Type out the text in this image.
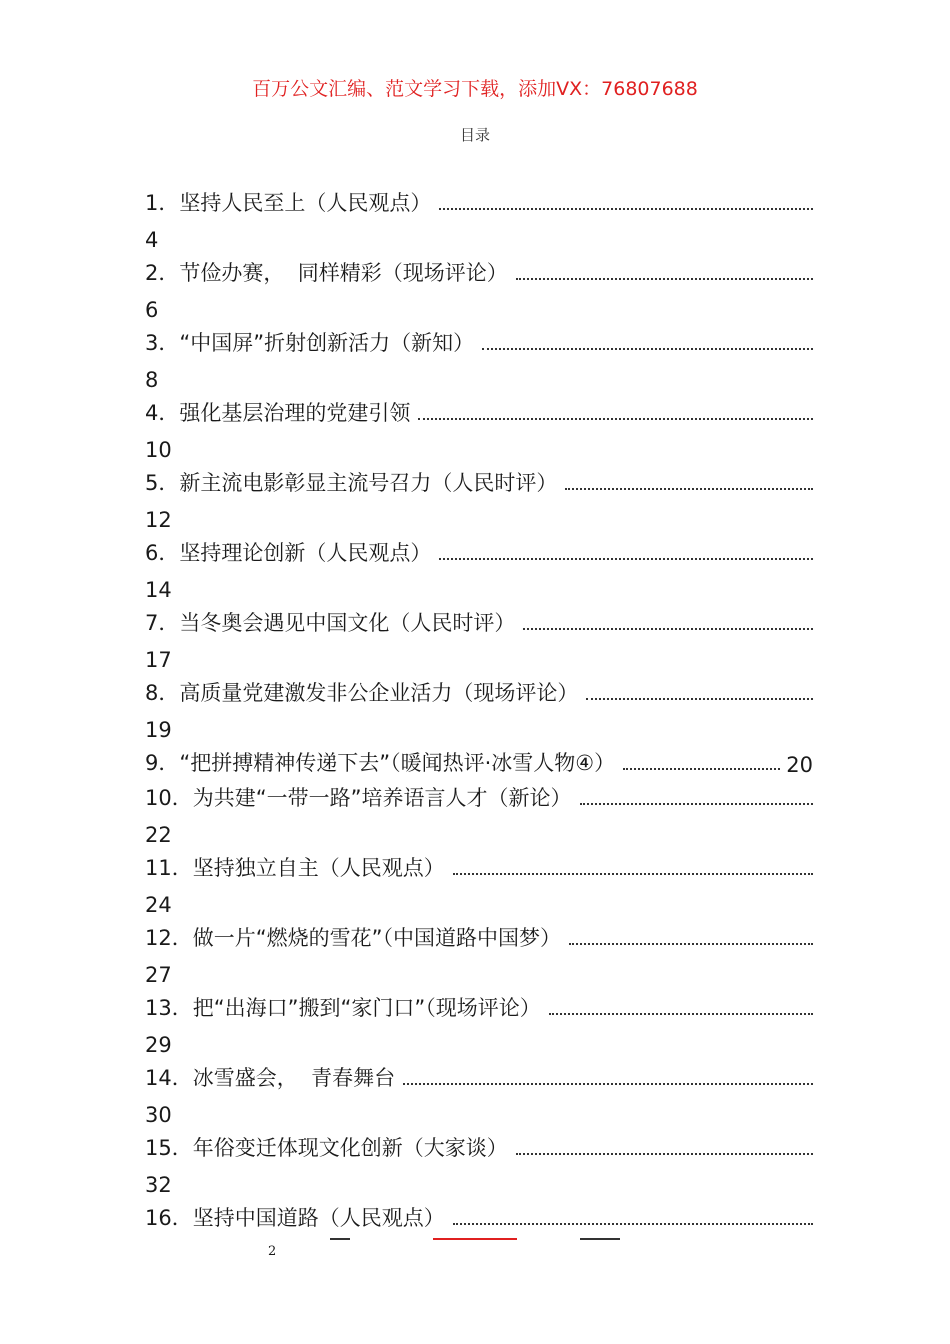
百万公文汇编、范文学习下载，添加VX：76807688
目录
1． 坚持人民至上（人民观点）
4
2． 节俭办赛，  同样精彩（现场评论）
6
3． “中国屏”折射创新活力（新知）
8
4． 强化基层治理的党建引领
10
5． 新主流电影彰显主流号召力（人民时评）
12
6． 坚持理论创新（人民观点）
14
7． 当冬奥会遇见中国文化（人民时评）
17
8． 高质量党建激发非公企业活力（现场评论）
19
9． “把拼搏精神传递下去”（暖闻热评·冰雪人物④）	20
10． 为共建“一带一路”培养语言人才（新论）
22
11． 坚持独立自主（人民观点）
24
12． 做一片“燃烧的雪花”（中国道路中国梦）
27
13． 把“出海口”搬到“家门口”（现场评论）
29
14． 冰雪盛会，  青春舞台
30
15． 年俗变迁体现文化创新（大家谈）
32
16． 坚持中国道路（人民观点）
2
